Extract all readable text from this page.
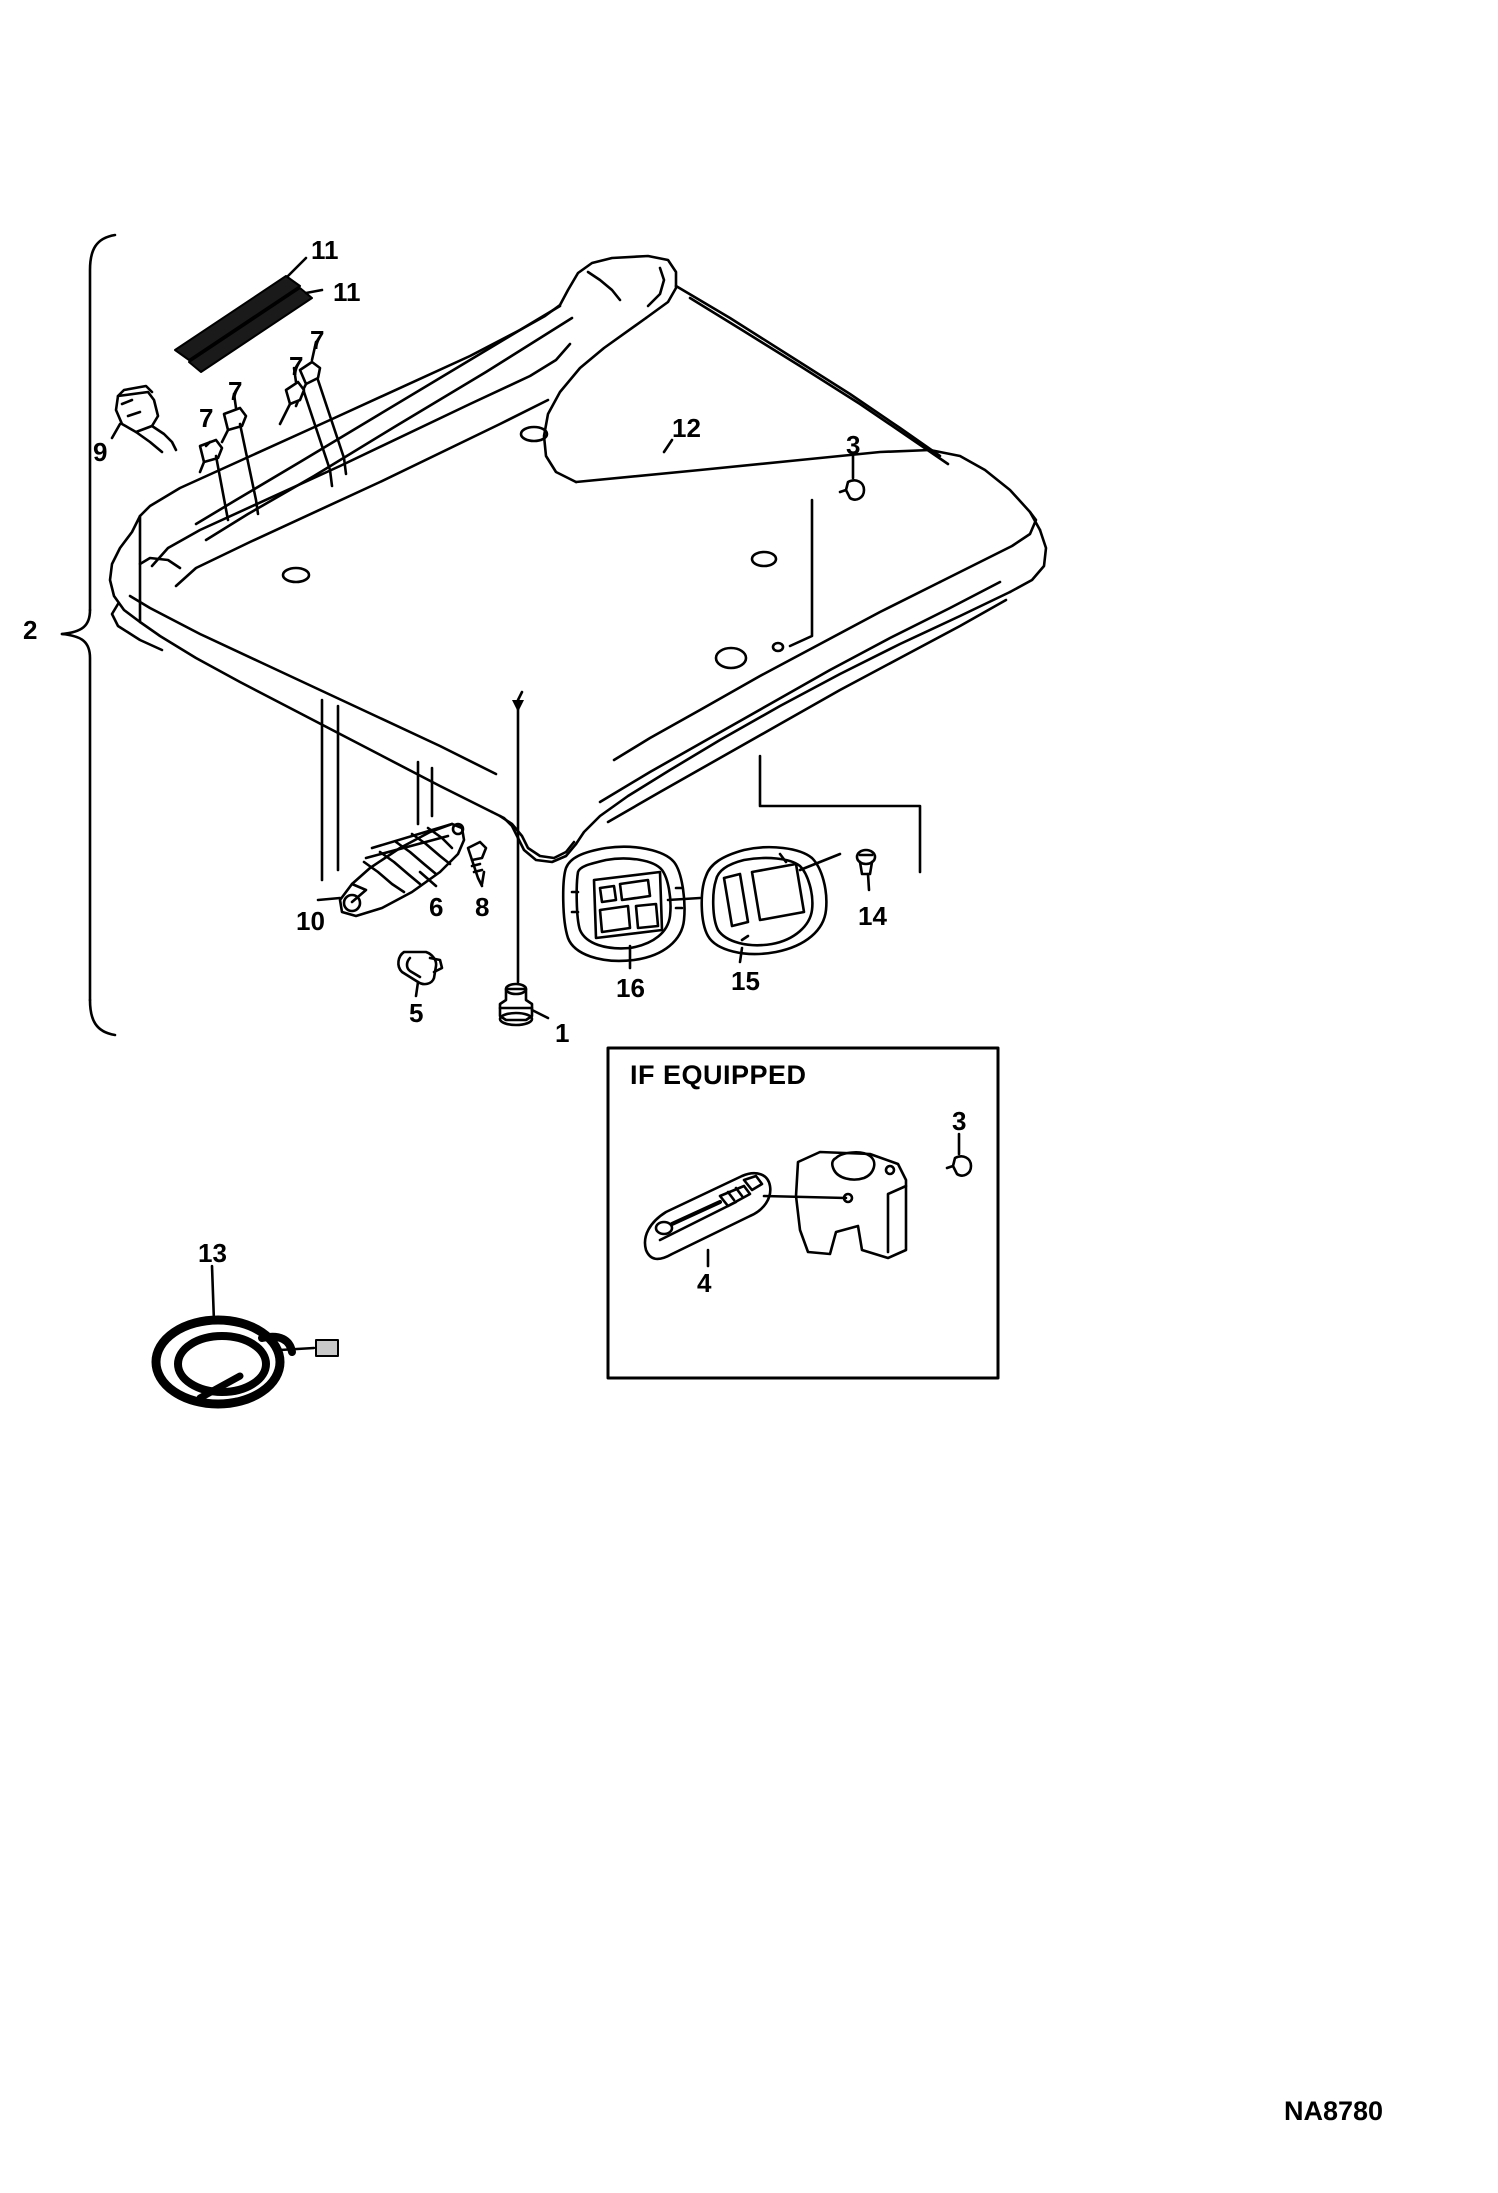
11
11
7
7
7
7
9
12
3
2
10	6 8	14
16	15
5
1
3
4
13
IF EQUIPPED
NA8780
